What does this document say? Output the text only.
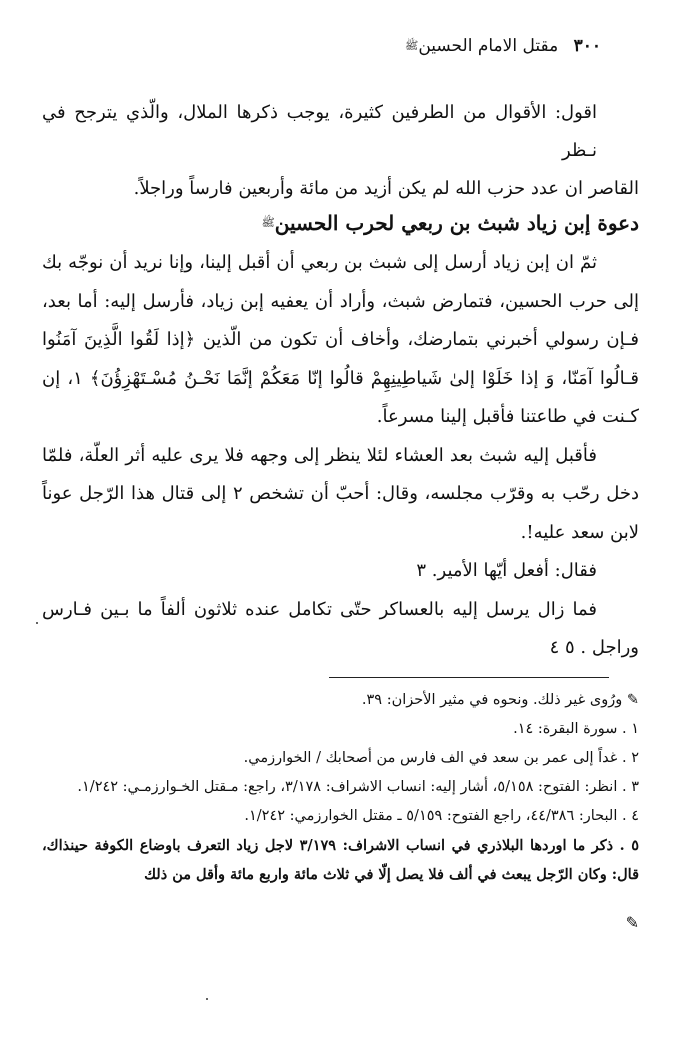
٣٠٠ مقتل الامام الحسين$^ﷺ$
اقول: الأقوال من الطرفين كثيرة، يوجب ذكرها الملال، والّذي يترجح في نـظر
القاصر ان عدد حزب الله لم يكن أزيد من مائة وأربعين فارساً وراجلاً.
دعوة إبن زياد شبث بن ربعي لحرب الحسين$^ﷺ$

ثمّ ان إبن زياد أرسل إلى شبث بن ربعي أن أقبل إلينا، وإنا نريد أن نوجّه بك إلى حرب الحسين، فتمارض شبث، وأراد أن يعفيه إبن زياد، فأرسل إليه: أما بعد، فـإن رسولي أخبرني بتمارضك، وأخاف أن تكون من الّذين ﴿إذا لَقُوا الَّذِينَ آمَنُوا قـالُوا آمَنّا، وَ إذا خَلَوْا إلىٰ شَياطِينِهِمْ قالُوا إنّا مَعَكُمْ إنَّمَا نَحْـنُ مُسْـتَهْزِؤُنَ﴾ ١، إن كـنت في طاعتنا فأقبل إلينا مسرعاً.

فأقبل إليه شبث بعد العشاء لئلا ينظر إلى وجهه فلا يرى عليه أثر العلّة، فلمّا دخل رحّب به وقرّب مجلسه، وقال: أحبّ أن تشخص ٢ إلى قتال هذا الرّجل عوناً لابن سعد عليه!.

فقال: أفعل أيّها الأمير. ٣

فما زال يرسل إليه بالعساكر حتّى تكامل عنده ثلاثون ألفاً ما بـين فـارس وراجل . ٥ ٤

✎ ورُوى غير ذلك. ونحوه في مثير الأحزان: ٣٩.
١ . سورة البقرة: ١٤.
٢ . غداً إلى عمر بن سعد في الف فارس من أصحابك / الخوارزمي.
٣ . انظر: الفتوح: ٥/١٥٨، أشار إليه: انساب الاشراف: ٣/١٧٨، راجع: مـقتل الخـوارزمـي: ١/٢٤٢.
٤ . البحار: ٤٤/٣٨٦، راجع الفتوح: ٥/١٥٩ ـ مقتل الخوارزمي: ١/٢٤٢.
٥ . ذكر ما اوردها البلاذري في انساب الاشراف: ٣/١٧٩ لاجل زياد التعرف باوضاع الكوفة حينذاك، قال: وكان الرّجل يبعث في ألف فلا يصل إلّا في ثلاث مائة واربع مائة وأقل من ذلك
✎
